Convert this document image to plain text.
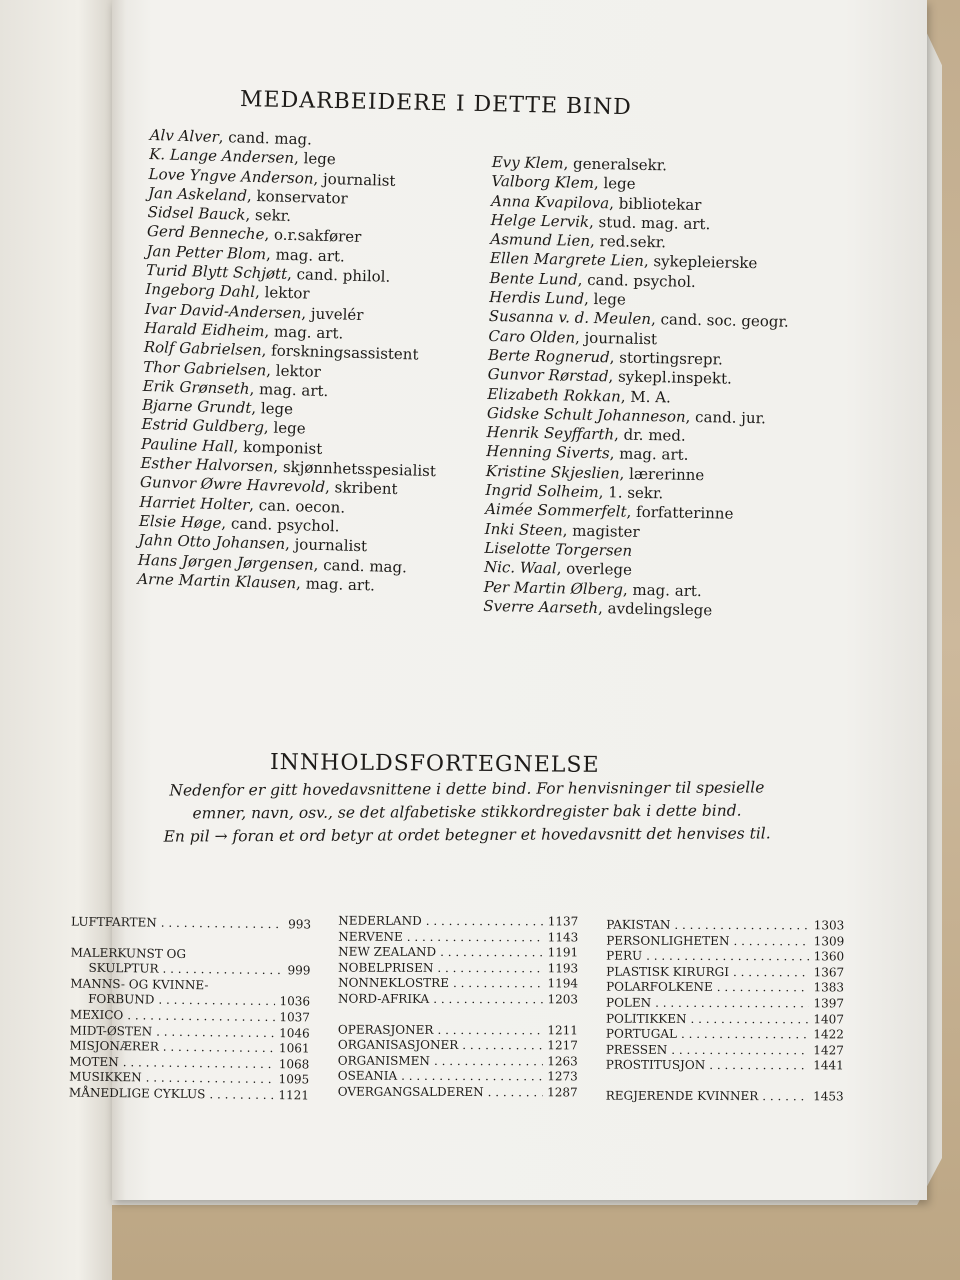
MEDARBEIDERE I DETTE BIND
Alv Alver, cand. mag.
K. Lange Andersen, lege
Love Yngve Anderson, journalist
Jan Askeland, konservator
Sidsel Bauck, sekr.
Gerd Benneche, o.r.sakfører
Jan Petter Blom, mag. art.
Turid Blytt Schjøtt, cand. philol.
Ingeborg Dahl, lektor
Ivar David-Andersen, juvelér
Harald Eidheim, mag. art.
Rolf Gabrielsen, forskningsassistent
Thor Gabrielsen, lektor
Erik Grønseth, mag. art.
Bjarne Grundt, lege
Estrid Guldberg, lege
Pauline Hall, komponist
Esther Halvorsen, skjønnhetsspesialist
Gunvor Øwre Havrevold, skribent
Harriet Holter, can. oecon.
Elsie Høge, cand. psychol.
Jahn Otto Johansen, journalist
Hans Jørgen Jørgensen, cand. mag.
Arne Martin Klausen, mag. art.
Evy Klem, generalsekr.
Valborg Klem, lege
Anna Kvapilova, bibliotekar
Helge Lervik, stud. mag. art.
Asmund Lien, red.sekr.
Ellen Margrete Lien, sykepleierske
Bente Lund, cand. psychol.
Herdis Lund, lege
Susanna v. d. Meulen, cand. soc. geogr.
Caro Olden, journalist
Berte Rognerud, stortingsrepr.
Gunvor Rørstad, sykepl.inspekt.
Elizabeth Rokkan, M. A.
Gidske Schult Johanneson, cand. jur.
Henrik Seyffarth, dr. med.
Henning Siverts, mag. art.
Kristine Skjeslien, lærerinne
Ingrid Solheim, 1. sekr.
Aimée Sommerfelt, forfatterinne
Inki Steen, magister
Liselotte Torgersen
Nic. Waal, overlege
Per Martin Ølberg, mag. art.
Sverre Aarseth, avdelingslege
INNHOLDSFORTEGNELSE

Nedenfor er gitt hovedavsnittene i dette bind. For henvisninger til spesielle

emner, navn, osv., se det alfabetiske stikkordregister bak i dette bind.

En pil → foran et ord betyr at ordet betegner et hovedavsnitt det henvises til.

LUFTFARTEN . . .	993
MALERKUNST OG
SKULPTUR . . .	999
MANNS- OG KVINNE-
FORBUND . . .	1036
MEXICO . . .	1037
MIDT-ØSTEN . . .	1046
MISJONÆRER . . .	1061
MOTEN . . .	1068
MUSIKKEN . . .	1095
MÅNEDLIGE CYKLUS . . .	1121
NEDERLAND . . .	1137
NERVENE . . .	1143
NEW ZEALAND . . .	1191
NOBELPRISEN . . .	1193
NONNEKLOSTRE . . .	1194
NORD-AFRIKA . . .	1203
OPERASJONER . . .	1211
ORGANISASJONER . . .	1217
ORGANISMEN . . .	1263
OSEANIA . . .	1273
OVERGANGSALDEREN . . .	1287
PAKISTAN . . .	1303
PERSONLIGHETEN . . .	1309
PERU . . .	1360
PLASTISK KIRURGI . . .	1367
POLARFOLKENE . . .	1383
POLEN . . .	1397
POLITIKKEN . . .	1407
PORTUGAL . . .	1422
PRESSEN . . .	1427
PROSTITUSJON . . .	1441
REGJERENDE KVINNER . . .	1453
